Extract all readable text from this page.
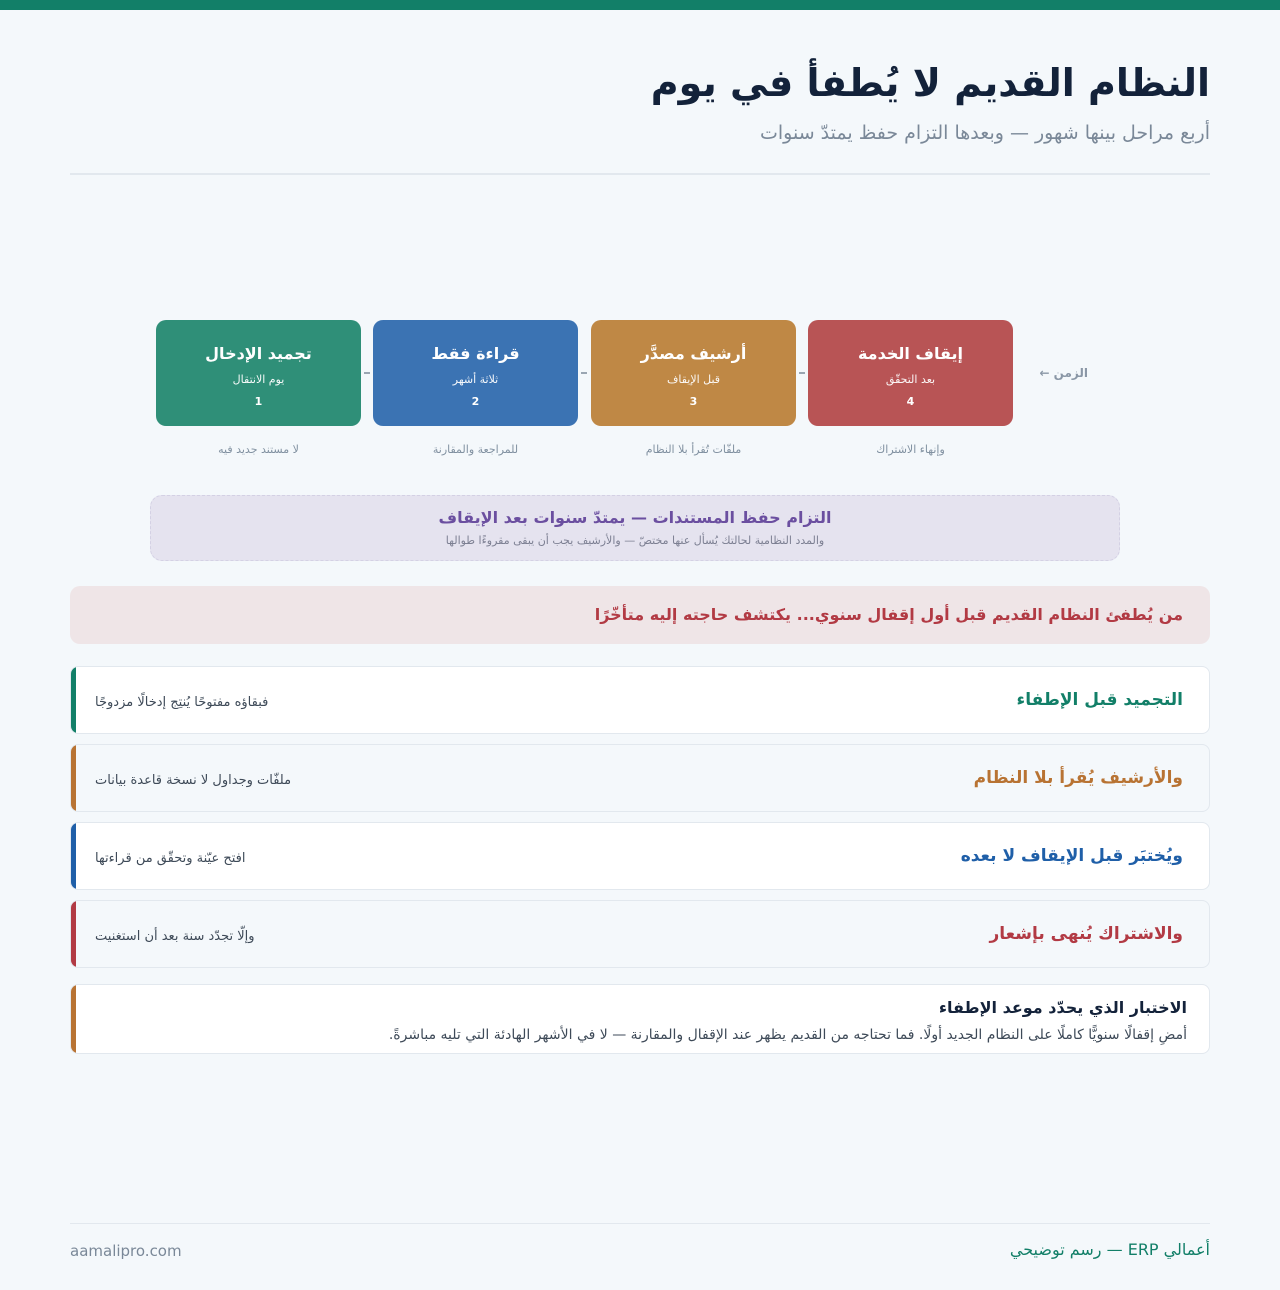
النظام القديم لا يُطفأ في يوم
أربع مراحل بينها شهور — وبعدها التزام حفظ يمتدّ سنوات
الزمن ←
تجميد الإدخال
يوم الانتقال
1
لا مستند جديد فيه
قراءة فقط
ثلاثة أشهر
2
للمراجعة والمقارنة
أرشيف مصدَّر
قبل الإيقاف
3
ملفّات تُقرأ بلا النظام
إيقاف الخدمة
بعد التحقّق
4
وإنهاء الاشتراك
التزام حفظ المستندات — يمتدّ سنوات بعد الإيقاف
والمدد النظامية لحالتك يُسأل عنها مختصّ — والأرشيف يجب أن يبقى مقروءًا طوالها
من يُطفئ النظام القديم قبل أول إقفال سنوي... يكتشف حاجته إليه متأخّرًا
التجميد قبل الإطفاء
فبقاؤه مفتوحًا يُنتِج إدخالًا مزدوجًا
والأرشيف يُقرأ بلا النظام
ملفّات وجداول لا نسخة قاعدة بيانات
ويُختبَر قبل الإيقاف لا بعده
افتح عيّنة وتحقّق من قراءتها
والاشتراك يُنهى بإشعار
وإلّا تجدّد سنة بعد أن استغنيت
الاختبار الذي يحدّد موعد الإطفاء
أمضِ إقفالًا سنويًّا كاملًا على النظام الجديد أولًا. فما تحتاجه من القديم يظهر عند الإقفال والمقارنة — لا في الأشهر الهادئة التي تليه مباشرةً.
aamalipro.com	أعمالي ERP — رسم توضيحي
